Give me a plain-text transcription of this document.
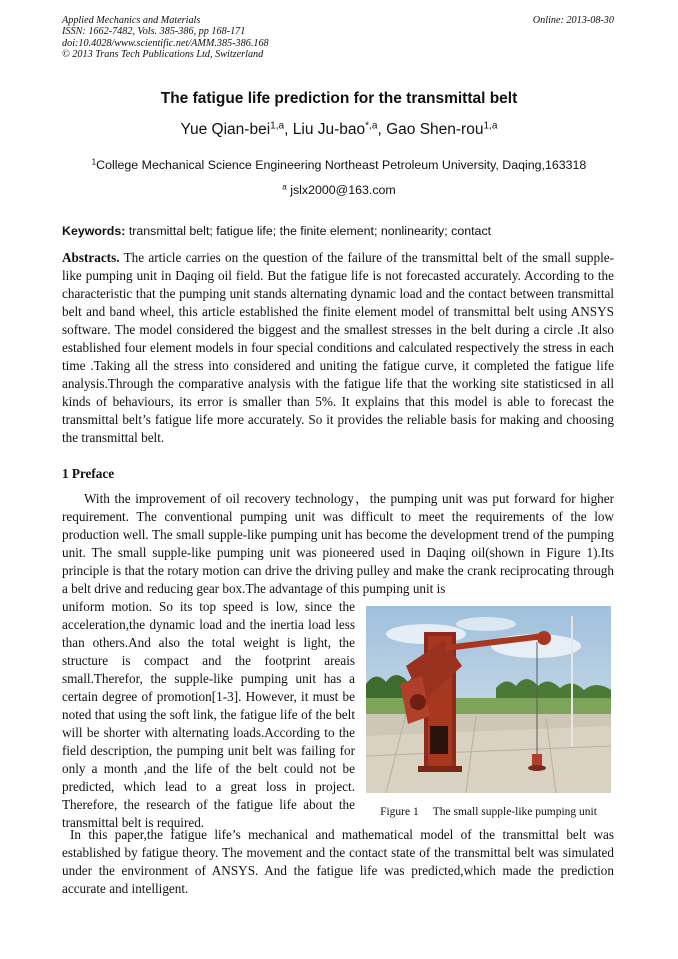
Applied Mechanics and Materials
ISSN: 1662-7482, Vols. 385-386, pp 168-171
doi:10.4028/www.scientific.net/AMM.385-386.168
© 2013 Trans Tech Publications Ltd, Switzerland
Online: 2013-08-30
The fatigue life prediction for the transmittal belt
Yue Qian-bei$^{1,a}$, Liu Ju-bao$^{*,a}$, Gao Shen-rou$^{1,a}$
$^1$College Mechanical Science Engineering Northeast Petroleum University, Daqing,163318
$^a$ jslx2000@163.com
Keywords: transmittal belt; fatigue life; the finite element; nonlinearity; contact
Abstracts. The article carries on the question of the failure of the transmittal belt of the small supple-like pumping unit in Daqing oil field. But the fatigue life is not forecasted accurately. According to the characteristic that the pumping unit stands alternating dynamic load and the contact between transmittal belt and band wheel, this article established the finite element model of transmittal belt using ANSYS software. The model considered the biggest and the smallest stresses in the belt during a circle .It also established four element models in four special conditions and calculated respectively the stress in each time .Taking all the stress into considered and uniting the fatigue curve, it completed the fatigue life analysis.Through the comparative analysis with the fatigue life that the working site statisticsed in all kinds of behaviours, its error is smaller than 5%. It explains that this model is able to forecast the transmittal belt’s fatigue life more accurately. So it provides the reliable basis for making and choosing the transmittal belt.
1 Preface
With the improvement of oil recovery technology，the pumping unit was put forward for higher requirement. The conventional pumping unit was difficult to meet the requirements of the low production well. The small supple-like pumping unit has become the development trend of the pumping unit. The small supple-like pumping unit was pioneered used in Daqing oil(shown in Figure 1).Its principle is that the rotary motion can drive the driving pulley and make the crank reciprocating through a belt drive and reducing gear box.The advantage of this pumping unit is
uniform motion. So its top speed is low, since the acceleration,the dynamic load and the inertia load less than others.And also the total weight is light, the structure is compact and the footprint areais small.Therefor, the supple-like pumping unit has a certain degree of promotion[1-3]. However, it must be noted that using the soft link, the fatigue life of the belt will be shorter with alternating loads.According to the field description, the pumping unit belt was failing for only a month ,and the life of the belt could not be predicted, which lead to a great loss in project. Therefore, the research of the fatigue life about the transmittal belt is required.
Figure 1 The small supple-like pumping unit
In this paper,the fatigue life’s mechanical and mathematical model of the transmittal belt was established by fatigue theory. The movement and the contact state of the transmittal belt was simulated under the environment of ANSYS. And the fatigue life was predicted,which made the prediction accurate and intelligent.
